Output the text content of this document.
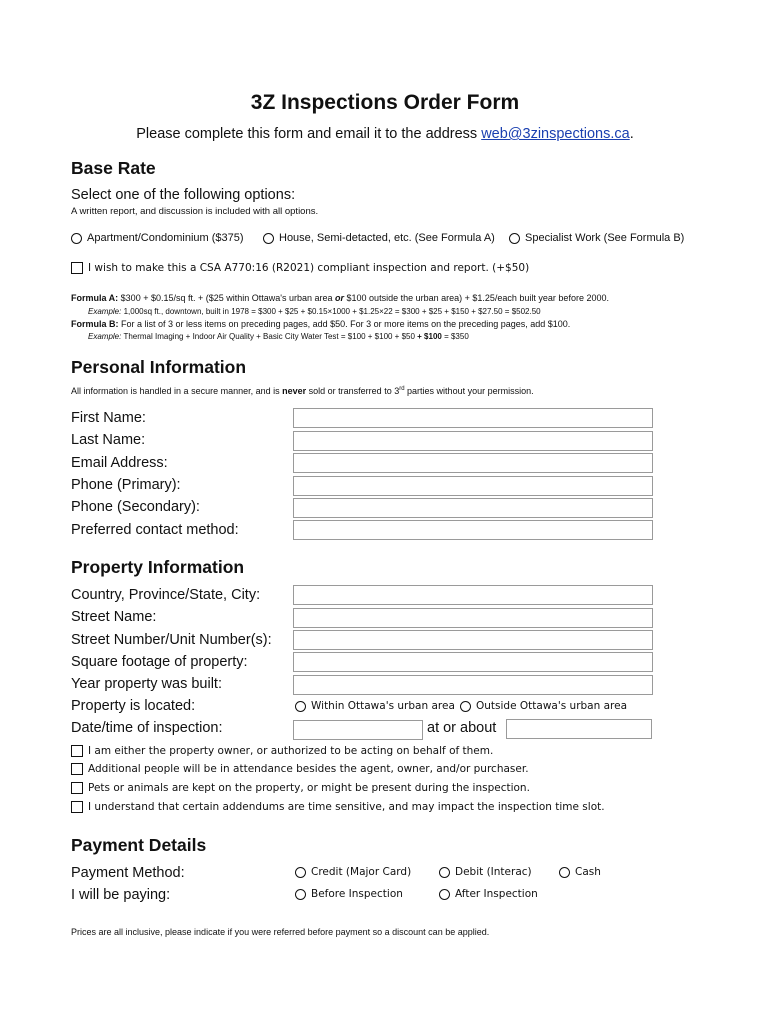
3Z Inspections Order Form
Please complete this form and email it to the address web@3zinspections.ca.
Base Rate
Select one of the following options:
A written report, and discussion is included with all options.
Apartment/Condominium ($375)	House, Semi-detacted, etc. (See Formula A)	Specialist Work (See Formula B)
I wish to make this a CSA A770:16 (R2021) compliant inspection and report. (+$50)
Formula A: $300 + $0.15/sq ft. + ($25 within Ottawa's urban area or $100 outside the urban area) + $1.25/each built year before 2000.
Example: 1,000sq ft., downtown, built in 1978 = $300 + $25 + $0.15×1000 + $1.25×22 = $300 + $25 + $150 + $27.50 = $502.50
Formula B: For a list of 3 or less items on preceding pages, add $50. For 3 or more items on the preceding pages, add $100.
Example: Thermal Imaging + Indoor Air Quality + Basic City Water Test = $100 + $100 + $50 + $100 = $350
Personal Information
All information is handled in a secure manner, and is never sold or transferred to 3rd parties without your permission.
First Name:
Last Name:
Email Address:
Phone (Primary):
Phone (Secondary):
Preferred contact method:
Property Information
Country, Province/State, City:
Street Name:
Street Number/Unit Number(s):
Square footage of property:
Year property was built:
Property is located:	Within Ottawa's urban area Outside Ottawa's urban area
Date/time of inspection:	at or about
I am either the property owner, or authorized to be acting on behalf of them.
Additional people will be in attendance besides the agent, owner, and/or purchaser.
Pets or animals are kept on the property, or might be present during the inspection.
I understand that certain addendums are time sensitive, and may impact the inspection time slot.
Payment Details
Payment Method:	Credit (Major Card)	Debit (Interac)	Cash
I will be paying:	Before Inspection	After Inspection
Prices are all inclusive, please indicate if you were referred before payment so a discount can be applied.
